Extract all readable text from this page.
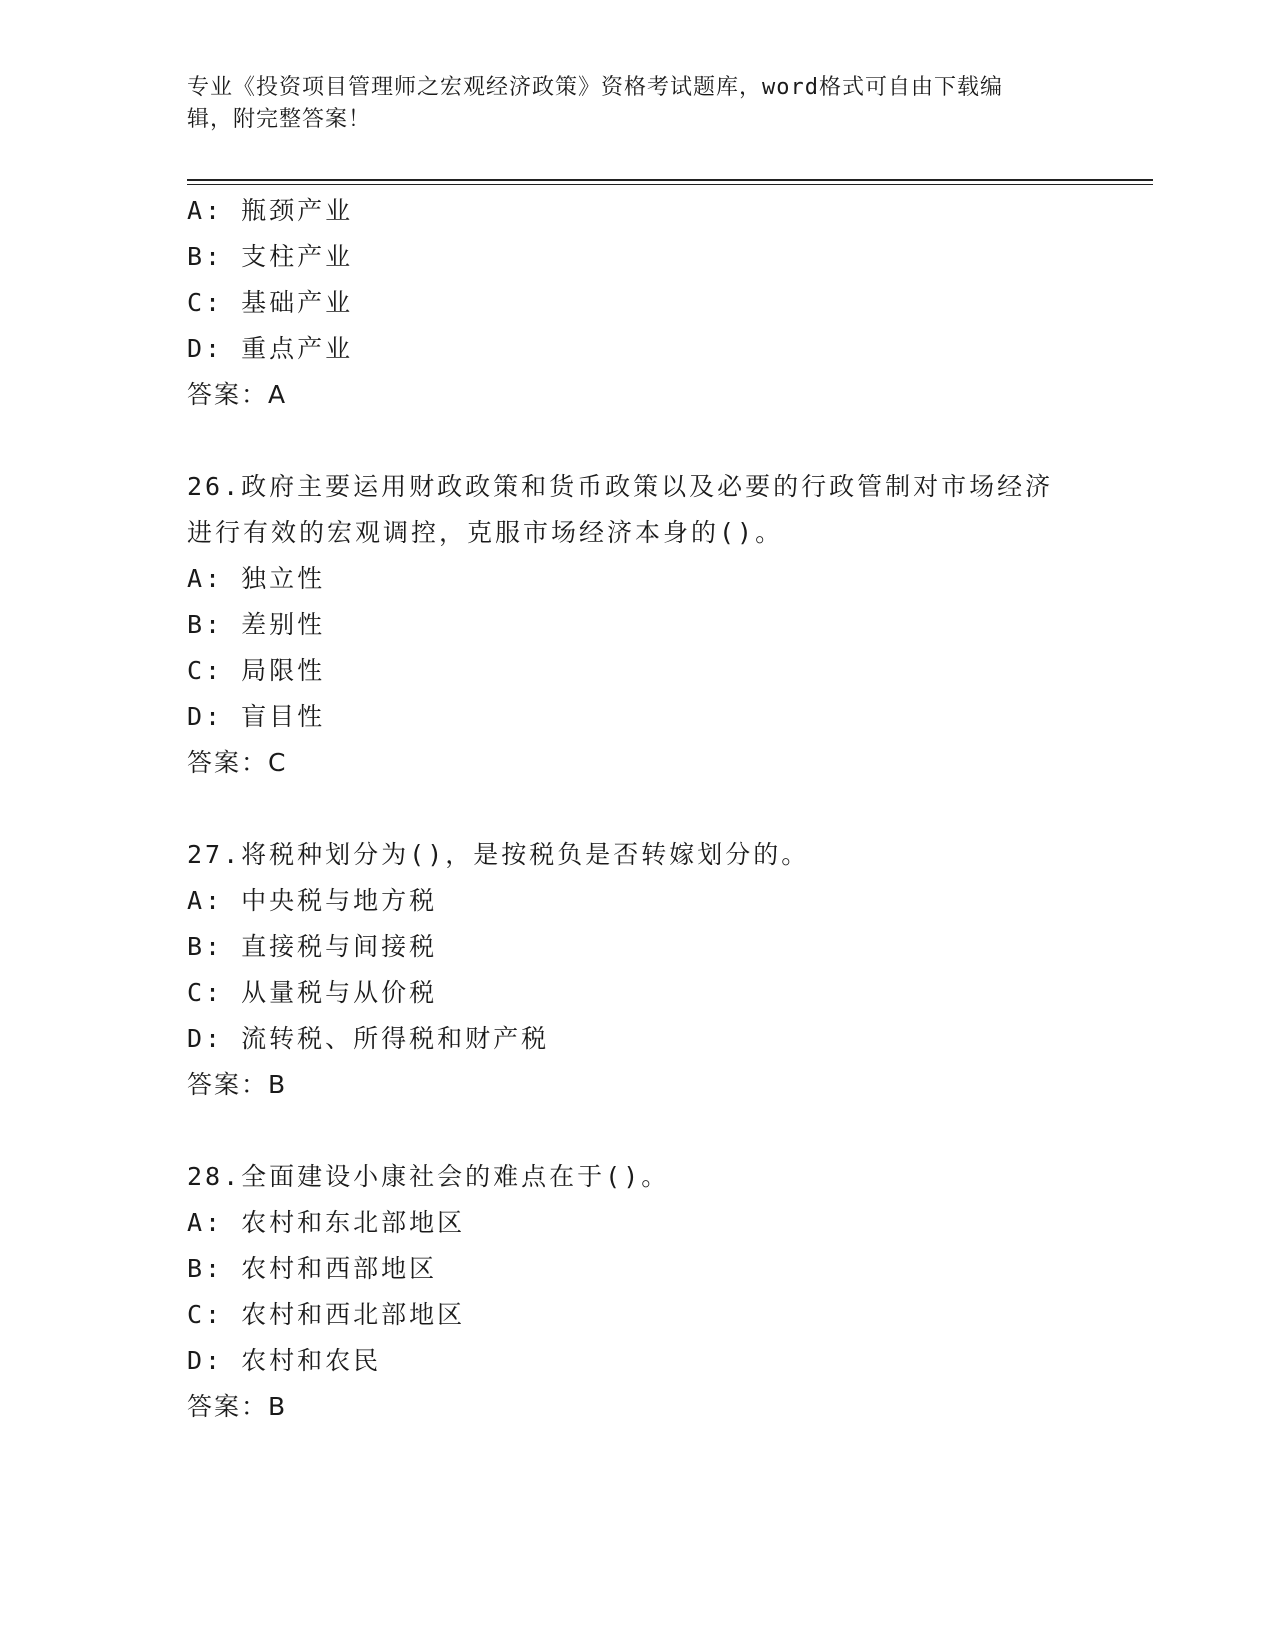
专业《投资项目管理师之宏观经济政策》资格考试题库，word格式可自由下载编
辑，附完整答案！
A: 瓶颈产业
B: 支柱产业
C: 基础产业
D: 重点产业
答案：A
26.政府主要运用财政政策和货币政策以及必要的行政管制对市场经济
进行有效的宏观调控，克服市场经济本身的()。
A: 独立性
B: 差别性
C: 局限性
D: 盲目性
答案：C
27.将税种划分为()，是按税负是否转嫁划分的。
A: 中央税与地方税
B: 直接税与间接税
C: 从量税与从价税
D: 流转税、所得税和财产税
答案：B
28.全面建设小康社会的难点在于()。
A: 农村和东北部地区
B: 农村和西部地区
C: 农村和西北部地区
D: 农村和农民
答案：B
